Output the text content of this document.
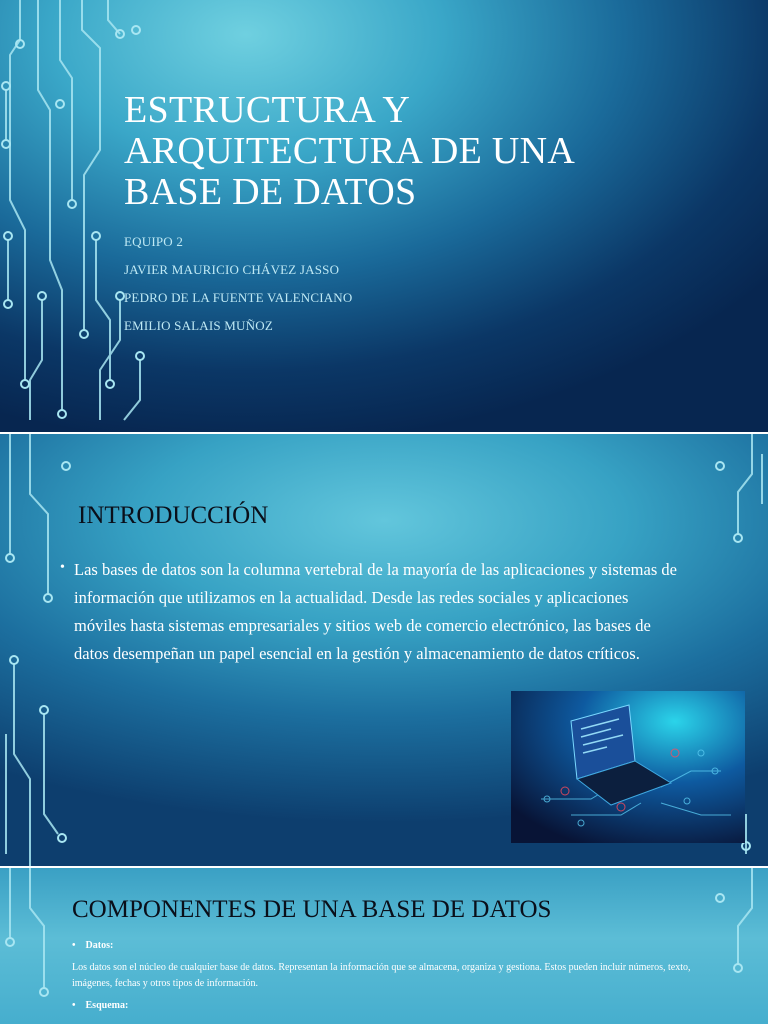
ESTRUCTURA Y ARQUITECTURA DE UNA BASE DE DATOS

EQUIPO 2

JAVIER MAURICIO CHÁVEZ JASSO

PEDRO DE LA FUENTE VALENCIANO

EMILIO SALAIS MUÑOZ

INTRODUCCIÓN
• Las bases de datos son la columna vertebral de la mayoría de las aplicaciones y sistemas de información que utilizamos en la actualidad. Desde las redes sociales y aplicaciones móviles hasta sistemas empresariales y sitios web de comercio electrónico, las bases de datos desempeñan un papel esencial en la gestión y almacenamiento de datos críticos.

COMPONENTES DE UNA BASE DE DATOS

• Datos:

Los datos son el núcleo de cualquier base de datos. Representan la información que se almacena, organiza y gestiona. Estos pueden incluir números, texto, imágenes, fechas y otros tipos de información.

• Esquema:
